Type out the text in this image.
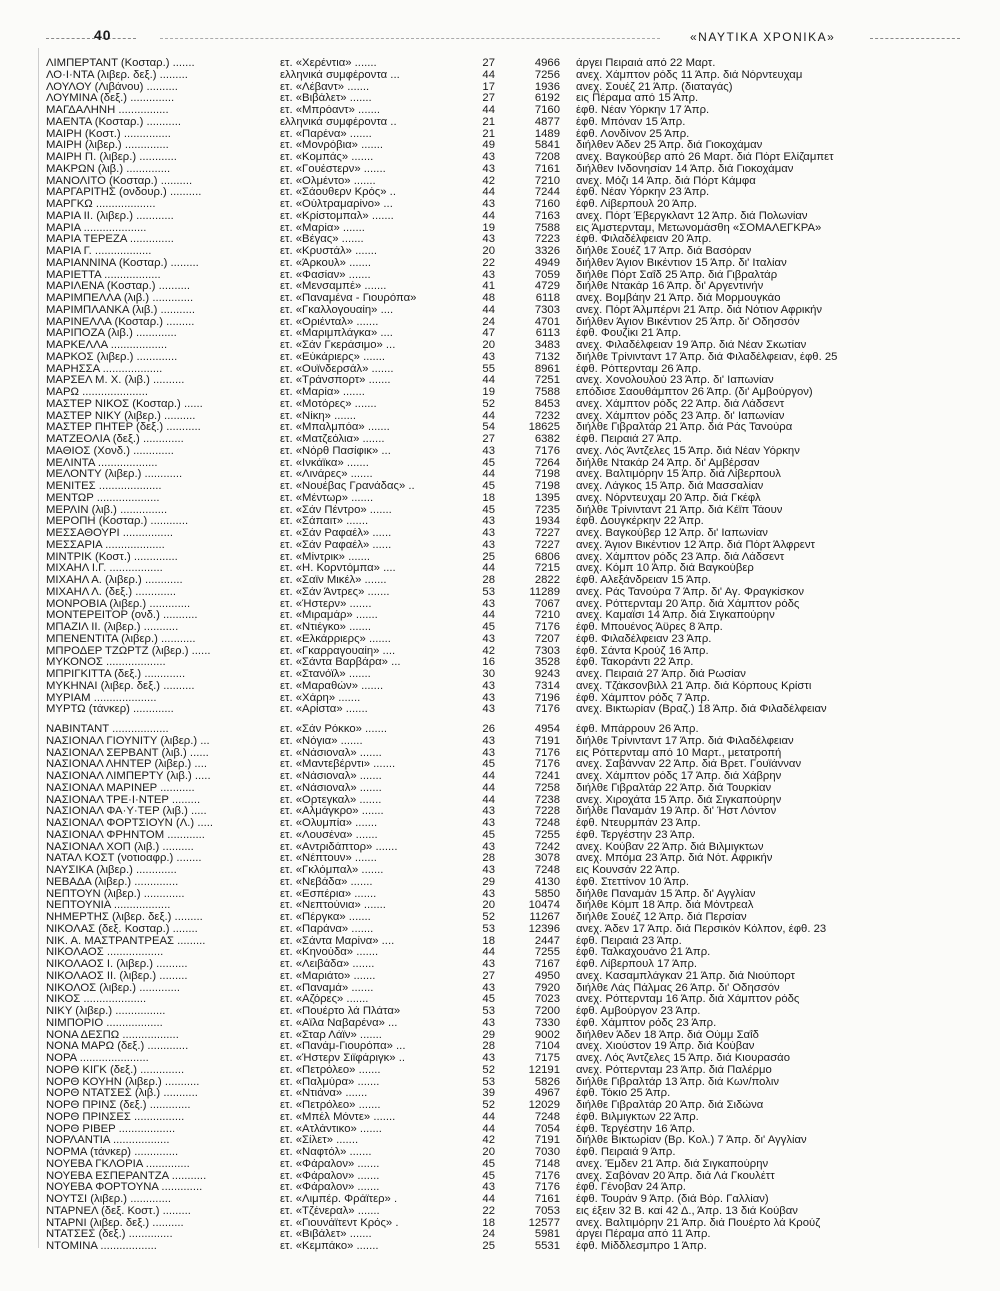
40	«ΝΑΥΤΙΚΑ ΧΡΟΝΙΚΑ»
ΛΙΜΠΕΡΤΑΝΤ (Κοσταρ.) .......	ετ. «Χερέντια» .......	27	4966 άργει Πειραιά από 22 Μαρτ.
ΛΟ·Ι·ΝΤΑ (λιβερ. δεξ.) .........	ελληνικά συμφέροντα ...	44	7256 ανεχ. Χάμπτον ρόδς 11 Άπρ. διά Νόρντευχαμ
ΛΟΥΛΟΥ (Λιβάνου) ..........	ετ. «Λέβαντ» .......	17	1936 ανεχ. Σουέζ 21 Άπρ. (διαταγάς)
ΛΟΥΜΙΝΑ (δεξ.) ..............	ετ. «Βιβάλετ» .......	27	6192 εις Πέραμα από 15 Άπρ.
ΜΑΓΔΑΛΗΝΗ ................	ετ. «Μπρόαντ» .......	44	7160 έφθ. Νέαν Υόρκην 17 Άπρ.
ΜΑΕΝΤΑ (Κοσταρ.) ...........	ελληνικά συμφέροντα ..	21	4877 έφθ. Μπόναν 15 Άπρ.
ΜΑΙΡΗ (Κοστ.) ...............	ετ. «Παρένα» .......	21	1489 έφθ. Λονδίνον 25 Άπρ.
ΜΑΙΡΗ (λιβερ.) ..............	ετ. «Μονρόβια» .......	49	5841 διήλθεν Άδεν 25 Άπρ. διά Γιοκοχάμαν
ΜΑΙΡΗ Π. (λιβερ.) ............	ετ. «Κομπάς» .......	43	7208 ανεχ. Βαγκούβερ από 26 Μαρτ. διά Πόρτ Ελίζαμπετ
ΜΑΚΡΩΝ (λιβ.) ..............	ετ. «Γουέστερν» .......	43	7161 διήλθεν Ινδονησίαν 14 Άπρ. διά Γιοκοχάμαν
ΜΑΝΟΛΙΤΟ (Κοσταρ.) ..........	ετ. «Ολμέντο» .......	42	7210 ανεχ. Μόζι 14 Άπρ. διά Πόρτ Κάμφα
ΜΑΡΓΑΡΙΤΗΣ (ονδουρ.) ..........	ετ. «Σάουθερν Κρός» ..	44	7244 έφθ. Νέαν Υόρκην 23 Άπρ.
ΜΑΡΓΚΩ ...................	ετ. «Ούλτραμαρίνο» ...	43	7160 έφθ. Λίβερπουλ 20 Άπρ.
ΜΑΡΙΑ ΙΙ. (λιβερ.) ............	ετ. «Κρίστομπαλ» .......	44	7163 ανεχ. Πόρτ Έβεργκλαντ 12 Άπρ. διά Πολωνίαν
ΜΑΡΙΑ ....................	ετ. «Μαρία» .......	19	7588 εις Άμστερνταμ, Μετωνομάσθη «ΣΟΜΑΛΕΓΚΡΑ»
ΜΑΡΙΑ ΤΕΡΕΖΑ ..............	ετ. «Βέγας» .......	43	7223 έφθ. Φιλαδέλφειαν 20 Άπρ.
ΜΑΡΙΑ Γ. ..................	ετ. «Κρυστάλ» .......	20	3326 διήλθε Σουέζ 17 Άπρ. διά Βασόραν
ΜΑΡΙΑΝΝΙΝΑ (Κοσταρ.) .........	ετ. «Άρκουλ» .......	22	4949 διήλθεν Άγιον Βικέντιον 15 Άπρ. δι' Ιταλίαν
ΜΑΡΙΕΤΤΑ ..................	ετ. «Φασίαν» .......	43	7059 διήλθε Πόρτ Σαΐδ 25 Άπρ. διά Γιβραλτάρ
ΜΑΡΙΛΕΝΑ (Κοσταρ.) ..........	ετ. «Μενσαμπέ» .......	41	4729 διήλθε Ντακάρ 16 Άπρ. δι' Αργεντινήν
ΜΑΡΙΜΠΕΛΛΑ (λιβ.) .............	ετ. «Παναμένα - Γιουρόπα»	48	6118 ανεχ. Βομβάην 21 Άπρ. διά Μορμουγκάο
ΜΑΡΙΜΠΛΑΝΚΑ (λιβ.) ...........	ετ. «Γκαλλογουαίη» ....	44	7303 ανεχ. Πόρτ Άλμπέρνι 21 Άπρ. διά Νότιον Αφρικήν
ΜΑΡΙΝΕΛΛΑ (Κοσταρ.) .........	ετ. «Οριένταλ» .......	24	4701 διήλθεν Άγιον Βικέντιον 25 Άπρ. δι' Οδησσόν
ΜΑΡΙΠΟΖΑ (λιβ.) .............	ετ. «Μαριμπλάγκα» ....	47	6113 έφθ. Φουζίκι 21 Άπρ.
ΜΑΡΚΕΛΛΑ ..................	ετ. «Σάν Γκεράσιμο» ...	20	3483 ανεχ. Φιλαδέλφειαν 19 Άπρ. διά Νέαν Σκωτίαν
ΜΑΡΚΟΣ (λιβερ.) .............	ετ. «Εύκάριερς» .......	43	7132 διήλθε Τρίνινταντ 17 Άπρ. διά Φιλαδέλφειαν, έφθ. 25
ΜΑΡΗΣΣΑ ...................	ετ. «Ουϊνδερσάλ» .......	55	8961 έφθ. Ρόττερνταμ 26 Άπρ.
ΜΑΡΣΕΛ Μ. Χ. (λιβ.) ..........	ετ. «Τράνσπορτ» .......	44	7251 ανεχ. Χονολουλού 23 Άπρ. δι' Ιαπωνίαν
ΜΑΡΩ .....................	ετ. «Μαρία» .......	19	7588 επόδισε Σαουθάμπτον 26 Άπρ. (δι' Αμβούργον)
ΜΑΣΤΕΡ ΝΙΚΟΣ (Κοσταρ.) ......	ετ. «Μοτόρες» .......	52	8453 ανεχ. Χάμπτον ρόδς 22 Άπρ. διά Λάδσεντ
ΜΑΣΤΕΡ ΝΙΚΥ (λιβερ.) ..........	ετ. «Νίκη» .......	44	7232 ανεχ. Χάμπτον ρόδς 23 Άπρ. δι' Ιαπωνίαν
ΜΑΣΤΕΡ ΠΗΤΕΡ (δεξ.) ...........	ετ. «Μπαλμπόα» .......	54	18625 διήλθε Γιβραλτάρ 21 Άπρ. διά Ράς Τανούρα
ΜΑΤΖΕΟΛΙΑ (δεξ.) .............	ετ. «Ματζεόλια» .......	27	6382 έφθ. Πειραιά 27 Άπρ.
ΜΑΘΙΟΣ (Χονδ.) .............	ετ. «Νόρθ Πασίφικ» ...	43	7176 ανεχ. Λός Άντζελες 15 Άπρ. διά Νέαν Υόρκην
ΜΕΛΙΝΤΑ ...................	ετ. «Ινκάϊκα» .......	45	7264 διήλθε Ντακάρ 24 Άπρ. δι' Αμβέρσαν
ΜΕΛΟΝΤΥ (λιβερ.) ............	ετ. «Λινάρες» .......	44	7198 ανεχ. Βαλτιμόρην 15 Άπρ. διά Λίβερπουλ
ΜΕΝΙΤΕΣ ....................	ετ. «Νουέβας Γρανάδας» ..	45	7198 ανεχ. Λάγκος 15 Άπρ. διά Μασσαλίαν
ΜΕΝΤΩΡ ....................	ετ. «Μέντωρ» .......	18	1395 ανεχ. Νόρντευχαμ 20 Άπρ. διά Γκέφλ
ΜΕΡΛΙΝ (λιβ.) ...............	ετ. «Σάν Πέντρο» .......	45	7235 διήλθε Τρίνινταντ 21 Άπρ. διά Κέϊπ Τάουν
ΜΕΡΟΠΗ (Κοσταρ.) ............	ετ. «Σάπαιτ» .......	43	1934 έφθ. Δουγκέρκην 22 Άπρ.
ΜΕΣΣΑΘΟΥΡΙ ................	ετ. «Σάν Ραφαέλ» ......	43	7227 ανεχ. Βαγκούβερ 12 Άπρ. δι' Ιαπωνίαν
ΜΕΣΣΑΡΙΑ ...................	ετ. «Σάν Ραφαέλ» ......	43	7227 ανεχ. Άγιον Βικέντιον 12 Άπρ. διά Πόρτ Άλφρεντ
ΜΙΝΤΡΙΚ (Κοστ.) ..............	ετ. «Μίντρικ» .......	25	6806 ανεχ. Χάμπτον ρόδς 23 Άπρ. διά Λάδσεντ
ΜΙΧΑΗΛ Ι.Γ. .................	ετ. «Η. Κορντόμπα» ....	44	7215 ανεχ. Κόμπ 10 Άπρ. διά Βαγκούβερ
ΜΙΧΑΗΛ Α. (λιβερ.) ............	ετ. «Σαϊν Μικέλ» .......	28	2822 έφθ. Αλεξάνδρειαν 15 Άπρ.
ΜΙΧΑΗΛ Λ. (δεξ.) .............	ετ. «Σάν Άντρες» .......	53	11289 ανεχ. Ράς Τανούρα 7 Άπρ. δι' Αγ. Φραγκίσκον
ΜΟΝΡΟΒΙΑ (λιβερ.) .............	ετ. «Ήστερν» .......	43	7067 ανεχ. Ρόττερνταμ 20 Άπρ. διά Χάμπτον ρόδς
ΜΟΝΤΕΡΕΪΤΟΡ (ονδ.) ...........	ετ. «Μιραμάρ» .......	44	7210 ανεχ. Καμαϊσι 14 Άπρ. διά Σιγκαπούρην
ΜΠΑΖΙΛ ΙΙ. (λιβερ.) ...........	ετ. «Ντιέγκο» .......	45	7176 έφθ. Μπουένος Άϋρες 8 Άπρ.
ΜΠΕΝΕΝΤΙΤΑ (λιβερ.) ...........	ετ. «Ελκάρριερς» .......	43	7207 έφθ. Φιλαδέλφειαν 23 Άπρ.
ΜΠΡΟΔΕΡ ΤΖΩΡΤΖ (λιβερ.) ......	ετ. «Γκαρραγουαίη» ....	42	7303 έφθ. Σάντα Κρούζ 16 Άπρ.
ΜΥΚΟΝΟΣ ...................	ετ. «Σάντα Βαρβάρα» ...	16	3528 έφθ. Τακοράντι 22 Άπρ.
ΜΠΡΙΓΚΙΤΤΑ (δεξ.) .............	ετ. «Στανόϊλ» .......	30	9243 ανεχ. Πειραιά 27 Άπρ. διά Ρωσίαν
ΜΥΚΗΝΑΙ (λιβερ. δεξ.) ..........	ετ. «Μαραθών» .......	43	7314 ανεχ. Τζάκσονβιλλ 21 Άπρ. διά Κόρπους Κρίστι
ΜΥΡΙΑΜ ....................	ετ. «Χάρη» .......	43	7196 έφθ. Χάμπτον ρόδς 7 Άπρ.
ΜΥΡΤΩ (τάνκερ) .............	ετ. «Αρίστα» .......	43	7176 ανεχ. Βικτωρίαν (Βραζ.) 18 Άπρ. διά Φιλαδέλφειαν
ΝΑΒΙΝΤΑΝΤ ..................	ετ. «Σάν Ρόκκο» .......	26	4954 έφθ. Μπάρρουν 26 Άπρ.
ΝΑΣΙΟΝΑΛ ΓΙΟΥΝΙΤΥ (λιβερ.) ...	ετ. «Νόγια» .......	43	7191 διήλθε Τρίνινταντ 17 Άπρ. διά Φιλαδέλφειαν
ΝΑΣΙΟΝΑΛ ΣΕΡΒΑΝΤ (λιβ.) ......	ετ. «Νάσιοναλ» .......	43	7176 εις Ρόττερνταμ από 10 Μαρτ., μετατροπή
ΝΑΣΙΟΝΑΛ ΛΗΝΤΕΡ (λιβερ.) ....	ετ. «Μαντεβέρντι» .......	45	7176 ανεχ. Σαβάνναν 22 Άπρ. διά Βρετ. Γουϊάνναν
ΝΑΣΙΟΝΑΛ ΛΙΜΠΕΡΤΥ (λιβ.) .....	ετ. «Νάσιοναλ» .......	44	7241 ανεχ. Χάμπτον ρόδς 17 Άπρ. διά Χάβρην
ΝΑΣΙΟΝΑΛ ΜΑΡΙΝΕΡ ...........	ετ. «Νάσιοναλ» .......	44	7258 διήλθε Γιβραλτάρ 22 Άπρ. διά Τουρκίαν
ΝΑΣΙΟΝΑΛ ΤΡΕ·Ι·ΝΤΕΡ .........	ετ. «Ορτεγκαλ» .......	44	7238 ανεχ. Χιροχάτα 15 Άπρ. διά Σιγκαπούρην
ΝΑΣΙΟΝΑΛ ΦΑ·Υ·ΤΕΡ (λιβ.) .....	ετ. «Αλμάγκρο» .......	43	7228 διήλθε Παναμάν 19 Άπρ. δι' Ήστ Λόντον
ΝΑΣΙΟΝΑΛ ΦΟΡΤΣΙΟΥΝ (Λ.) .....	ετ. «Ολυμπία» .......	43	7248 έφθ. Ντευρμπάν 23 Άπρ.
ΝΑΣΙΟΝΑΛ ΦΡΗΝΤΟΜ ............	ετ. «Λουσένα» .......	45	7255 έφθ. Τεργέστην 23 Άπρ.
ΝΑΣΙΟΝΑΛ ΧΟΠ (λιβ.) ..........	ετ. «Αντριδάπτορ» .......	43	7242 ανεχ. Κούβαν 22 Άπρ. διά Βιλμιγκτων
ΝΑΤΑΛ ΚΟΣΤ (νοτιοαφρ.) ........	ετ. «Νέπτουν» .......	28	3078 ανεχ. Μπόμα 23 Άπρ. διά Νότ. Αφρικήν
ΝΑΥΣΙΚΑ (λιβερ.) .............	ετ. «Γκλόμπαλ» .......	43	7248 εις Κουνσάν 22 Άπρ.
ΝΕΒΑΔΑ (λιβερ.) ..............	ετ. «Νεβάδα» .......	29	4130 έφθ. Στεττίνον 10 Άπρ.
ΝΕΠΤΟΥΝ (λιβερ.) .............	ετ. «Εσπέρια» .......	43	5850 διήλθε Παναμάν 15 Άπρ. δι' Αγγλίαν
ΝΕΠΤΟΥΝΙΑ ..................	ετ. «Νεπτούνια» .......	20	10474 διήλθε Κόμπ 18 Άπρ. διά Μόντρεαλ
ΝΗΜΕΡΤΗΣ (λιβερ. δεξ.) .........	ετ. «Πέργκα» .......	52	11267 διήλθε Σουέζ 12 Άπρ. διά Περσίαν
ΝΙΚΟΛΑΣ (δεξ. Κοσταρ.) ........	ετ. «Παράνα» .......	53	12396 ανεχ. Άδεν 17 Άπρ. διά Περσικόν Κόλπον, έφθ. 23
ΝΙΚ. Α. ΜΑΣΤΡΑΝΤΡΕΑΣ .........	ετ. «Σάντα Μαρίνα» ....	18	2447 έφθ. Πειραιά 23 Άπρ.
ΝΙΚΟΛΑΟΣ ..................	ετ. «Κηνούδα» .......	44	7255 έφθ. Ταλκαχουάνο 21 Άπρ.
ΝΙΚΟΛΑΟΣ Ι. (λιβερ.) ..........	ετ. «Λειβάδα» .......	43	7167 έφθ. Λίβερπουλ 17 Άπρ.
ΝΙΚΟΛΑΟΣ ΙΙ. (λιβερ.) .........	ετ. «Μαριάτο» .......	27	4950 ανεχ. Κασαμπλάγκαν 21 Άπρ. διά Νιούπορτ
ΝΙΚΟΛΟΣ (λιβερ.) .............	ετ. «Παναμά» .......	43	7920 διήλθε Λάς Πάλμας 26 Άπρ. δι' Οδησσόν
ΝΙΚΟΣ ....................	ετ. «Αζόρες» .......	45	7023 ανεχ. Ρόττερνταμ 16 Άπρ. διά Χάμπτον ρόδς
ΝΙΚΥ (λιβερ.) ................	ετ. «Πουέρτο λά Πλάτα»	53	7200 έφθ. Αμβούργον 23 Άπρ.
ΝΙΜΠΟΡΙΟ ..................	ετ. «Αϊλα Ναβαρένα» ...	43	7330 έφθ. Χάμπτον ρόδς 23 Άπρ.
ΝΟΝΑ ΔΕΣΠΩ ..................	ετ. «Σταρ Λάϊν» .......	29	9002 διήλθεν Άδεν 18 Άπρ. διά Ούμμ Σαΐδ
ΝΟΝΑ ΜΑΡΩ (δεξ.) .............	ετ. «Πανάμ-Γιουρόπα» ...	28	7104 ανεχ. Χιούστον 19 Άπρ. διά Κούβαν
ΝΟΡΑ ......................	ετ. «Ήστερν Σιϊφάριγκ» ..	43	7175 ανεχ. Λός Άντζελες 15 Άπρ. διά Κιουρασάο
ΝΟΡΘ ΚΙΓΚ (δεξ.) ..............	ετ. «Πετρόλεο» .......	52	12191 ανεχ. Ρόττερνταμ 23 Άπρ. διά Παλέρμο
ΝΟΡΘ ΚΟΥΗΝ (λιβερ.) ...........	ετ. «Παλμύρα» .......	53	5826 διήλθε Γιβραλτάρ 13 Άπρ. διά Κων/πολιν
ΝΟΡΘ ΝΤΑΤΣΕΣ (λιβ.) ...........	ετ. «Ντιάνα» .......	39	4967 έφθ. Τόκιο 25 Άπρ.
ΝΟΡΘ ΠΡΙΝΣ (δεξ.) .............	ετ. «Πετρόλεο» .......	52	12029 διήλθε Γιβραλτάρ 20 Άπρ. διά Σιδώνα
ΝΟΡΘ ΠΡΙΝΣΕΣ ................	ετ. «Μπέλ Μόντε» .......	44	7248 έφθ. Βιλμιγκτων 22 Άπρ.
ΝΟΡΘ ΡΙΒΕΡ ..................	ετ. «Ατλάντικο» .......	44	7054 έφθ. Τεργέστην 16 Άπρ.
ΝΟΡΛΑΝΤΙΑ ..................	ετ. «Σίλετ» .......	42	7191 διήλθε Βικτωρίαν (Βρ. Κολ.) 7 Άπρ. δι' Αγγλίαν
ΝΟΡΜΑ (τάνκερ) ..............	ετ. «Ναφτόλ» .......	20	7030 έφθ. Πειραιά 9 Άπρ.
ΝΟΥΕΒΑ ΓΚΛΟΡΙΑ ..............	ετ. «Φάραλον» .......	45	7148 ανεχ. Έμδεν 21 Άπρ. διά Σιγκαπούρην
ΝΟΥΕΒΑ ΕΣΠΕΡΑΝΤΖΑ ...........	ετ. «Φάραλον» .......	45	7176 ανεχ. Σαβόναν 20 Άπρ. διά Λά Γκουλέττ
ΝΟΥΕΒΑ ΦΟΡΤΟΥΝΑ .............	ετ. «Φάραλον» .......	43	7176 έφθ. Γένοβαν 24 Άπρ.
ΝΟΥΤΣΙ (λιβερ.) .............	ετ. «Λιμπέρ. Φράϊτερ» .	44	7161 έφθ. Τουράν 9 Άπρ. (διά Βόρ. Γαλλίαν)
ΝΤΑΡΝΕΛ (δεξ. Κοστ.) .........	ετ. «Τζένεραλ» .......	22	7053 εις έξειν 32 Β. καί 42 Δ., Άπρ. 13 διά Κούβαν
ΝΤΑΡΝΙ (λιβερ. δεξ.) ..........	ετ. «Γιουνάϊτεντ Κρός» .	18	12577 ανεχ. Βαλτιμόρην 21 Άπρ. διά Πουέρτο λά Κρούζ
ΝΤΑΤΣΕΣ (δεξ.) ..............	ετ. «Βιβάλετ» .......	24	5981 άργει Πέραμα από 11 Άπρ.
ΝΤΟΜΙΝΑ ..................	ετ. «Κεμπάκο» .......	25	5531 έφθ. Μίδδλεσμπρο 1 Άπρ.
